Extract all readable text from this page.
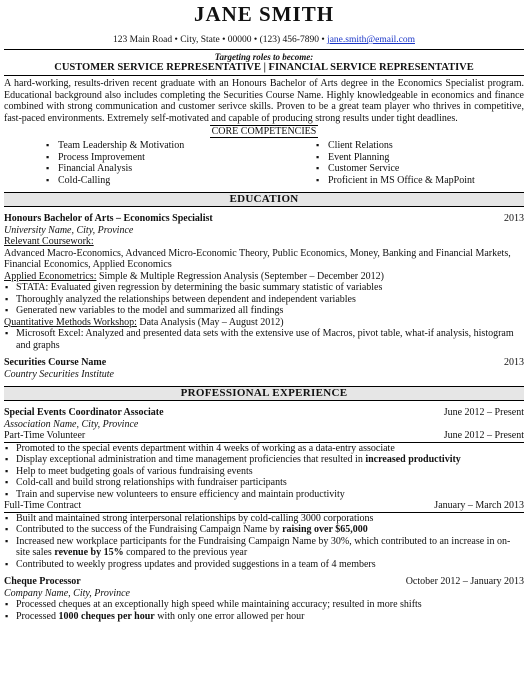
JANE SMITH
123 Main Road • City, State • 00000 • (123) 456-7890 • jane.smith@email.com
Targeting roles to become:
CUSTOMER SERVICE REPRESENTATIVE | FINANCIAL SERVICE REPRESENTATIVE
A hard-working, results-driven recent graduate with an Honours Bachelor of Arts degree in the Economics Specialist program. Educational background also includes completing the Securities Course Name. Highly knowledgeable in economics and finance combined with strong communication and customer serivce skills. Proven to be a great team player who thrives in competitive, fast-paced environments. Extremely self-motivated and capable of producing strong results under tight deadlines.
CORE COMPETENCIES
▪ Team Leadership & Motivation
▪ Process Improvement
▪ Financial Analysis
▪ Cold-Calling
▪ Client Relations
▪ Event Planning
▪ Customer Service
▪ Proficient in MS Office & MapPoint
EDUCATION
Honours Bachelor of Arts – Economics Specialist	2013
University Name, City, Province
Relevant Coursework:
Advanced Macro-Economics, Advanced Micro-Economic Theory, Public Economics, Money, Banking and Financial Markets, Financial Economics, Applied Economics
Applied Econometrics: Simple & Multiple Regression Analysis (September – December 2012)
▪ STATA: Evaluated given regression by determining the basic summary statistic of variables
▪ Thoroughly analyzed the relationships between dependent and independent variables
▪ Generated new variables to the model and summarized all findings
Quantitative Methods Workshop: Data Analysis (May – August 2012)
▪ Microsoft Excel: Analyzed and presented data sets with the extensive use of Macros, pivot table, what-if analysis, histogram and graphs
Securities Course Name	2013
Country Securities Institute
PROFESSIONAL EXPERIENCE
Special Events Coordinator Associate	June 2012 – Present
Association Name, City, Province
Part-Time Volunteer	June 2012 – Present
▪ Promoted to the special events department within 4 weeks of working as a data-entry associate
▪ Display exceptional administration and time management proficiencies that resulted in increased productivity
▪ Help to meet budgeting goals of various fundraising events
▪ Cold-call and build strong relationships with fundraiser participants
▪ Train and supervise new volunteers to ensure efficiency and maintain productivity
Full-Time Contract	January – March 2013
▪ Built and maintained strong interpersonal relationships by cold-calling 3000 corporations
▪ Contributed to the success of the Fundraising Campaign Name by raising over $65,000
▪ Increased new workplace participants for the Fundraising Campaign Name by 30%, which contributed to an increase in on-site sales revenue by 15% compared to the previous year
▪ Contributed to weekly progress updates and provided suggestions in a team of 4 members
Cheque Processor	October 2012 – January 2013
Company Name, City, Province
▪ Processed cheques at an exceptionally high speed while maintaining accuracy; resulted in more shifts
▪ Processed 1000 cheques per hour with only one error allowed per hour
